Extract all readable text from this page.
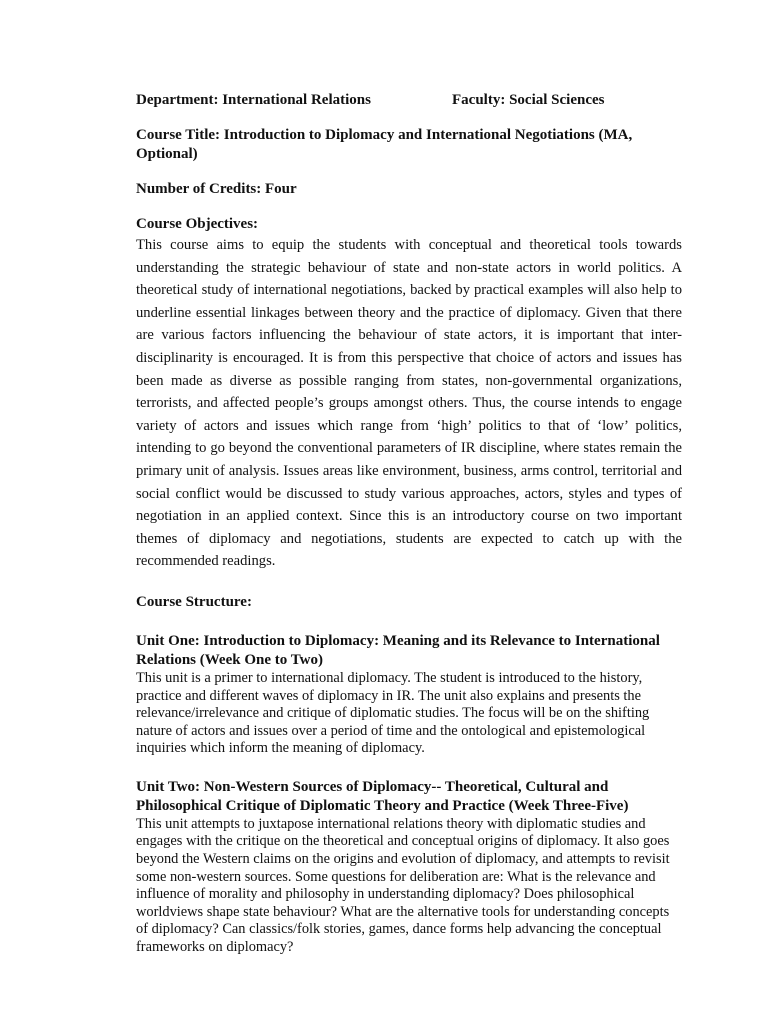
Department: International Relations	Faculty: Social Sciences

Course Title: Introduction to Diplomacy and International Negotiations (MA, Optional)

Number of Credits: Four

Course Objectives:

This course aims to equip the students with conceptual and theoretical tools towards understanding the strategic behaviour of state and non-state actors in world politics. A theoretical study of international negotiations, backed by practical examples will also help to underline essential linkages between theory and the practice of diplomacy. Given that there are various factors influencing the behaviour of state actors, it is important that inter-disciplinarity is encouraged. It is from this perspective that choice of actors and issues has been made as diverse as possible ranging from states, non-governmental organizations, terrorists, and affected people’s groups amongst others. Thus, the course intends to engage variety of actors and issues which range from ‘high’ politics to that of ‘low’ politics, intending to go beyond the conventional parameters of IR discipline, where states remain the primary unit of analysis. Issues areas like environment, business, arms control, territorial and social conflict would be discussed to study various approaches, actors, styles and types of negotiation in an applied context. Since this is an introductory course on two important themes of diplomacy and negotiations, students are expected to catch up with the recommended readings.

Course Structure:

Unit One: Introduction to Diplomacy: Meaning and its Relevance to International Relations (Week One to Two)

This unit is a primer to international diplomacy. The student is introduced to the history, practice and different waves of diplomacy in IR. The unit also explains and presents the relevance/irrelevance and critique of diplomatic studies. The focus will be on the shifting nature of actors and issues over a period of time and the ontological and epistemological inquiries which inform the meaning of diplomacy.

Unit Two: Non-Western Sources of Diplomacy-- Theoretical, Cultural and Philosophical Critique of Diplomatic Theory and Practice (Week Three-Five)

This unit attempts to juxtapose international relations theory with diplomatic studies and engages with the critique on the theoretical and conceptual origins of diplomacy. It also goes beyond the Western claims on the origins and evolution of diplomacy, and attempts to revisit some non-western sources. Some questions for deliberation are: What is the relevance and influence of morality and philosophy in understanding diplomacy? Does philosophical worldviews shape state behaviour? What are the alternative tools for understanding concepts of diplomacy? Can classics/folk stories, games, dance forms help advancing the conceptual frameworks on diplomacy?
